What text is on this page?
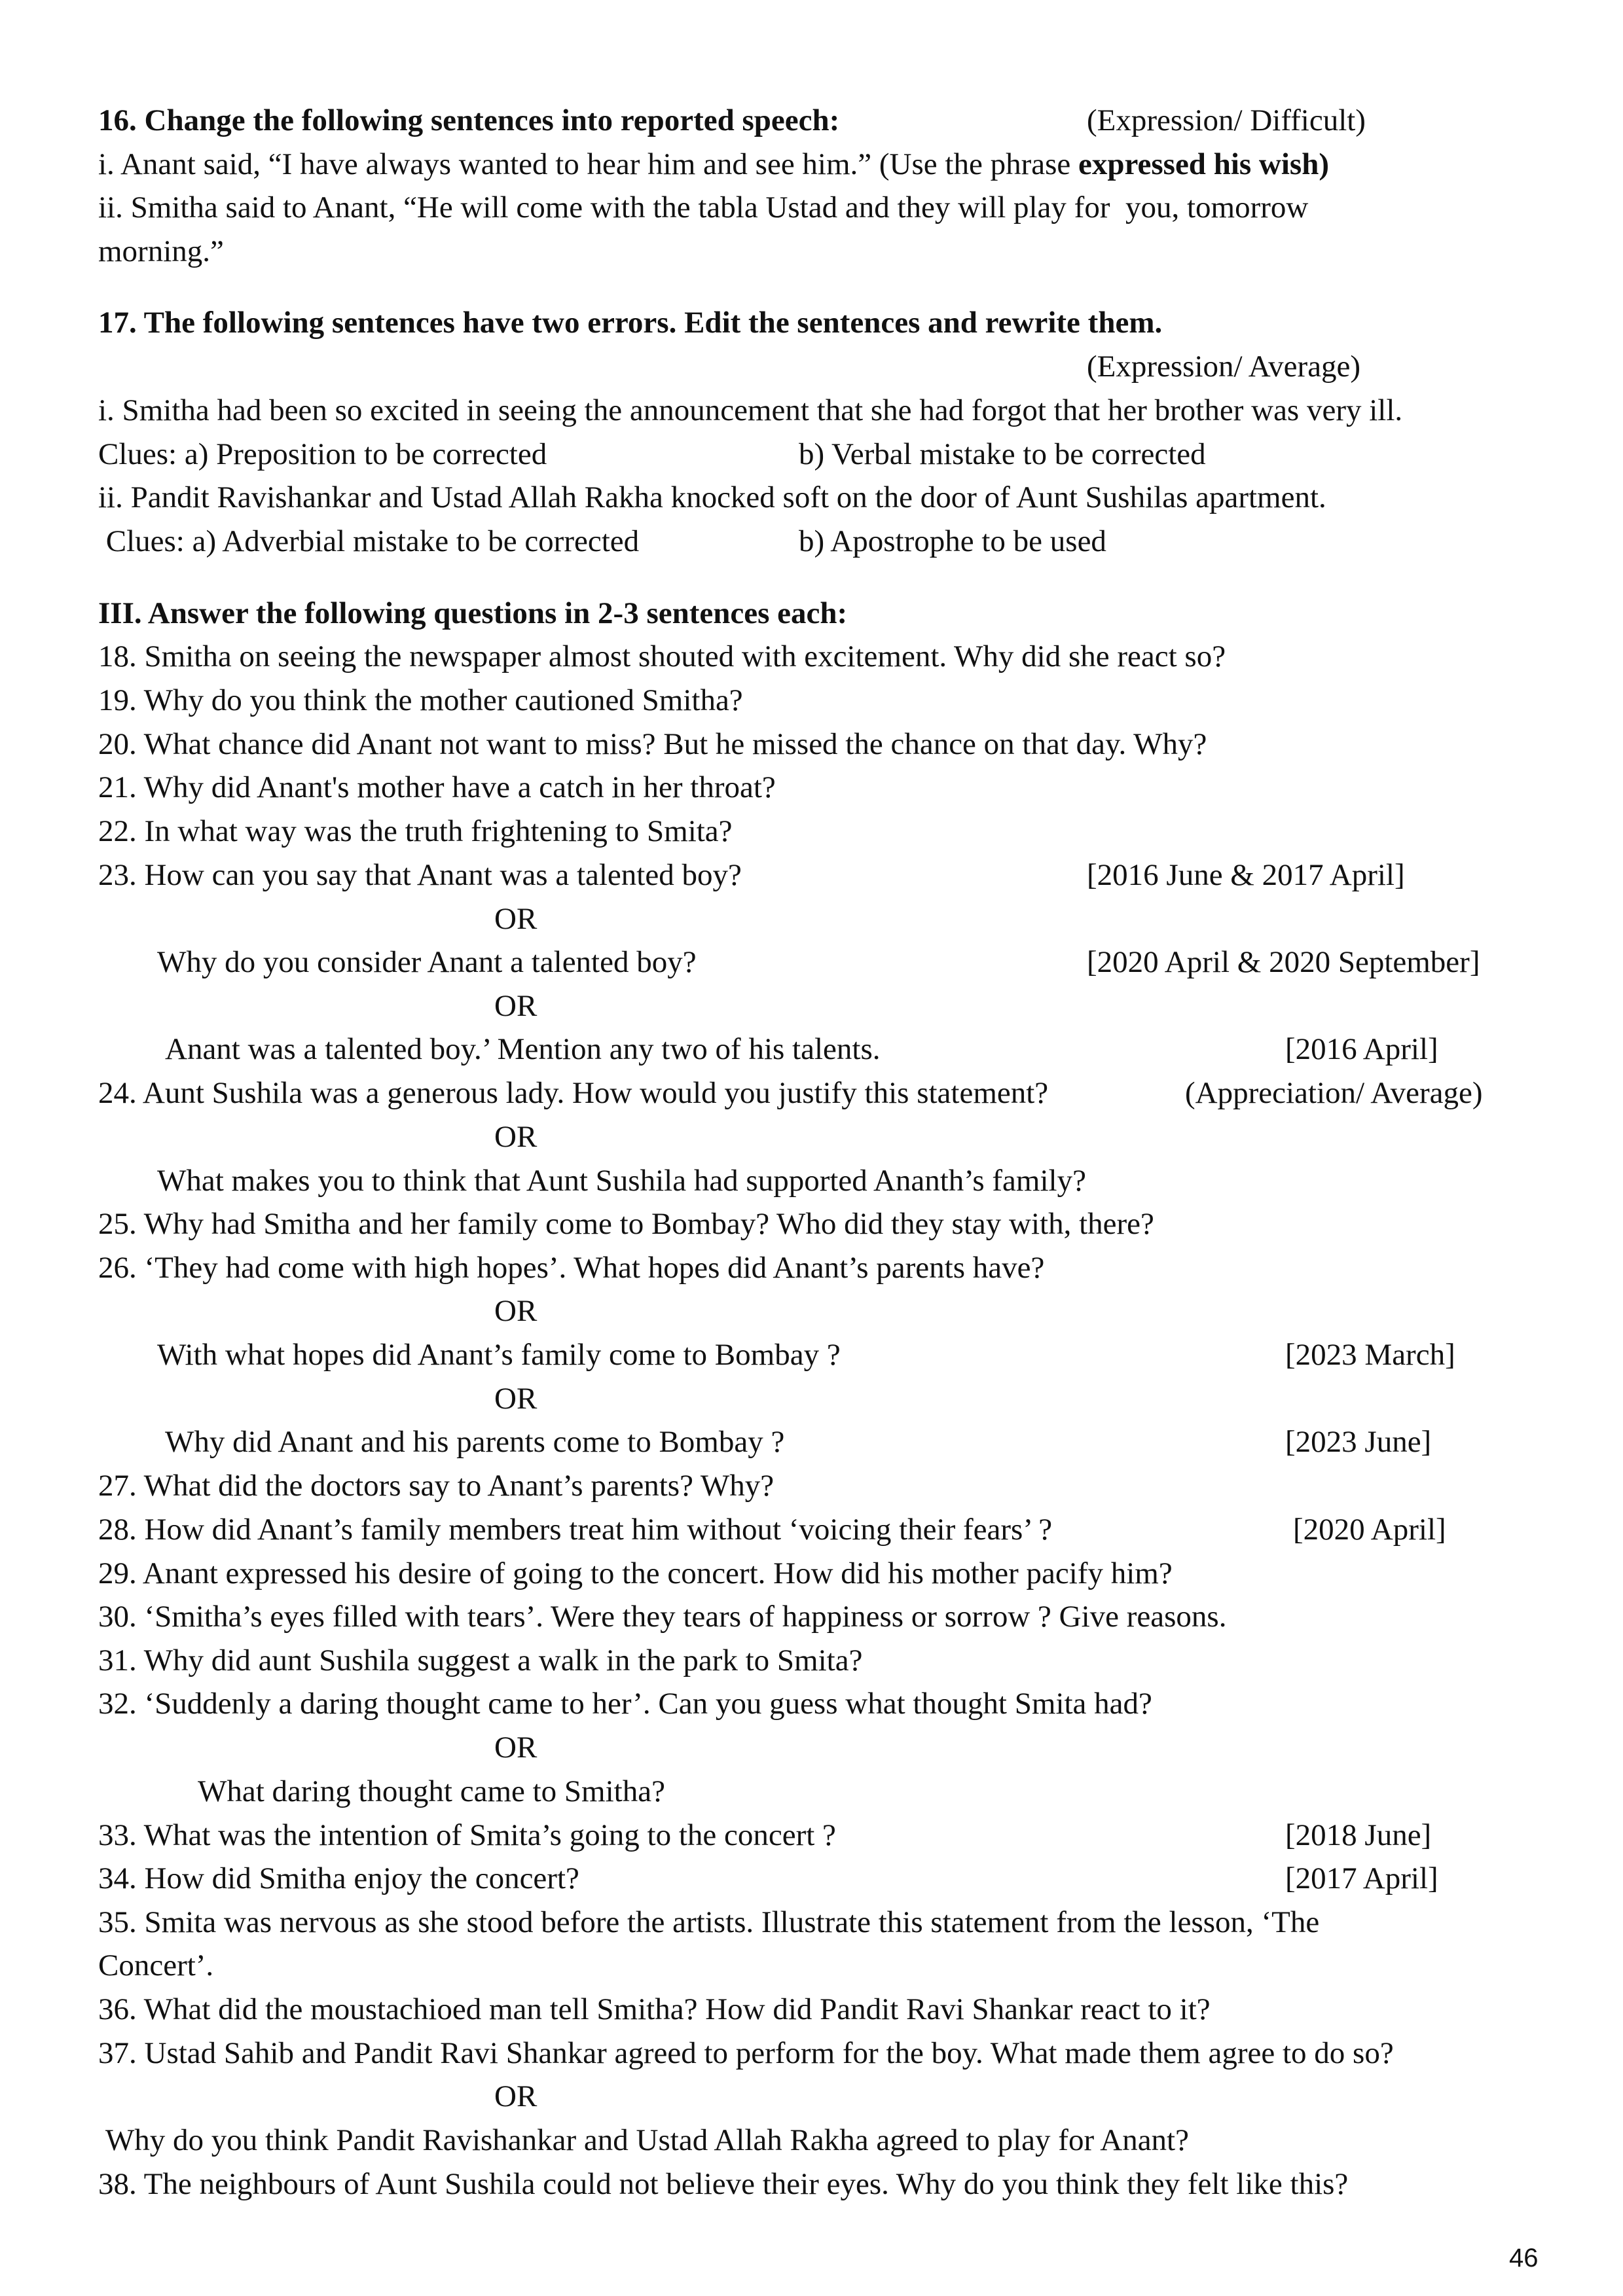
16. Change the following sentences into reported speech:	(Expression/ Difficult)
i. Anant said, “I have always wanted to hear him and see him.” (Use the phrase expressed his wish)
ii. Smitha said to Anant, “He will come with the tabla Ustad and they will play for  you, tomorrow
morning.”
17. The following sentences have two errors. Edit the sentences and rewrite them.
(Expression/ Average)
i. Smitha had been so excited in seeing the announcement that she had forgot that her brother was very ill.
Clues: a) Preposition to be corrected	b) Verbal mistake to be corrected
ii. Pandit Ravishankar and Ustad Allah Rakha knocked soft on the door of Aunt Sushilas apartment.
Clues: a) Adverbial mistake to be corrected	b) Apostrophe to be used
III. Answer the following questions in 2-3 sentences each:
18. Smitha on seeing the newspaper almost shouted with excitement. Why did she react so?
19. Why do you think the mother cautioned Smitha?
20. What chance did Anant not want to miss? But he missed the chance on that day. Why?
21. Why did Anant's mother have a catch in her throat?
22. In what way was the truth frightening to Smita?
23. How can you say that Anant was a talented boy?	[2016 June & 2017 April]
OR
Why do you consider Anant a talented boy?	[2020 April & 2020 September]
OR
Anant was a talented boy.’ Mention any two of his talents.	[2016 April]
24. Aunt Sushila was a generous lady. How would you justify this statement?	(Appreciation/ Average)
OR
What makes you to think that Aunt Sushila had supported Ananth’s family?
25. Why had Smitha and her family come to Bombay? Who did they stay with, there?
26. ‘They had come with high hopes’. What hopes did Anant’s parents have?
OR
With what hopes did Anant’s family come to Bombay ?	[2023 March]
OR
Why did Anant and his parents come to Bombay ?	[2023 June]
27. What did the doctors say to Anant’s parents? Why?
28. How did Anant’s family members treat him without ‘voicing their fears’ ?	[2020 April]
29. Anant expressed his desire of going to the concert. How did his mother pacify him?
30. ‘Smitha’s eyes filled with tears’. Were they tears of happiness or sorrow ? Give reasons.
31. Why did aunt Sushila suggest a walk in the park to Smita?
32. ‘Suddenly a daring thought came to her’. Can you guess what thought Smita had?
OR
What daring thought came to Smitha?
33. What was the intention of Smita’s going to the concert ?	[2018 June]
34. How did Smitha enjoy the concert?	[2017 April]
35. Smita was nervous as she stood before the artists. Illustrate this statement from the lesson, ‘The
Concert’.
36. What did the moustachioed man tell Smitha? How did Pandit Ravi Shankar react to it?
37. Ustad Sahib and Pandit Ravi Shankar agreed to perform for the boy. What made them agree to do so?
OR
Why do you think Pandit Ravishankar and Ustad Allah Rakha agreed to play for Anant?
38. The neighbours of Aunt Sushila could not believe their eyes. Why do you think they felt like this?
46
